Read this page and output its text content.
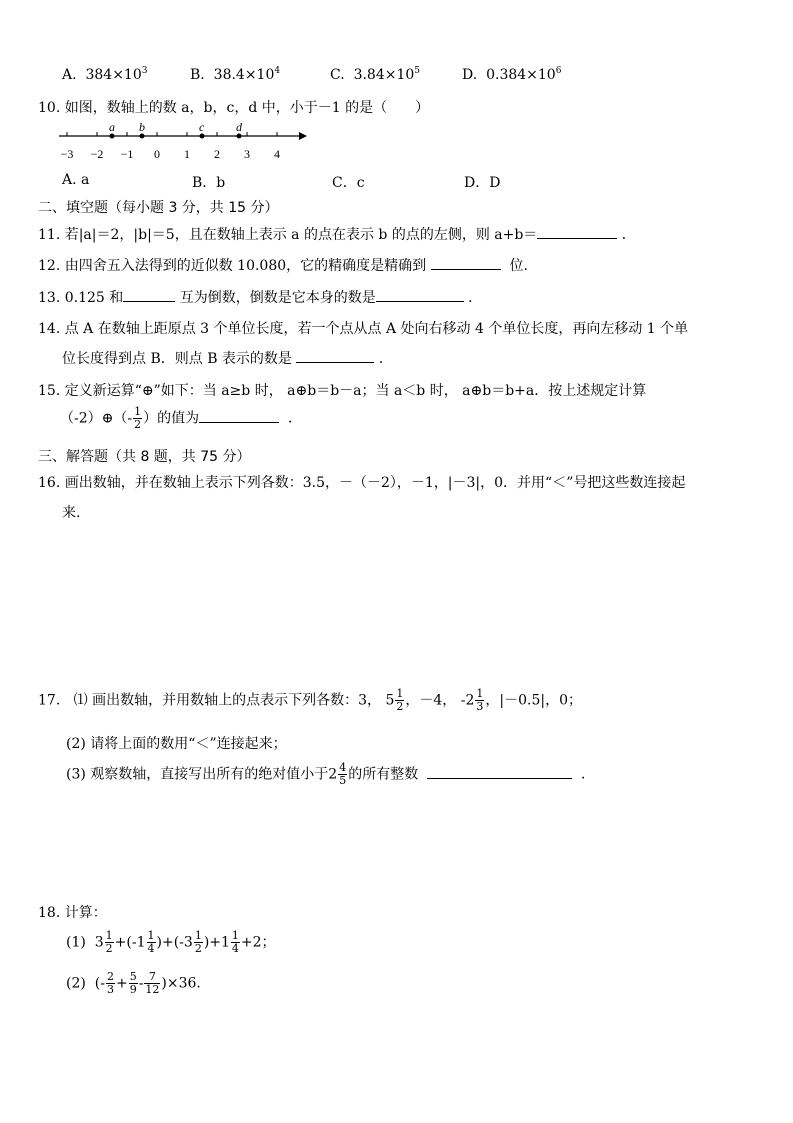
A. $384\times 10^3$	B. $38.4\times 10^4$	C. $3.84\times 10^5$	D. $0.384\times 10^6$
10. 如图，数轴上的数 a，b，c，d 中，小于－1 的是（　　）
a b	c	d
−3 −2 −1 0 1 2 3 4
A. a	B．b	C．c	D．D
二、填空题（每小题 3 分，共 15 分）
11. 若|a|＝2，|b|＝5，且在数轴上表示 a 的点在表示 b 的点的左侧，则 a+b＝	．
12. 由四舍五入法得到的近似数 10.080，它的精确度是精确到	位.
13. 0.125 和	互为倒数，倒数是它本身的数是	．
14. 点 A 在数轴上距原点 3 个单位长度，若一个点从点 A 处向右移动 4 个单位长度，再向左移动 1 个单
位长度得到点 B．则点 B 表示的数是	．
15. 定义新运算“⊕”如下：当 a≥b 时， a⊕b＝b－a；当 a＜b 时， a⊕b＝b+a．按上述规定计算
（-2）⊕（- $\frac{1}{2}$ ）的值为	．
三、解答题（共 8 题，共 75 分）
16. 画出数轴，并在数轴上表示下列各数：3.5，－（－2），－1，|－3|，0．并用“＜”号把这些数连接起
来.
17. ⑴ 画出数轴，并用数轴上的点表示下列各数：3， $5 \frac{1}{2}$ ，－4， $-2 \frac{1}{3}$ ，|－0.5|，0；
(2) 请将上面的数用“＜”连接起来；
(3) 观察数轴，直接写出所有的绝对值小于$2 \frac{4}{5}$ 的所有整数	．
18. 计算：
(1) $3 \frac{1}{2} +(-1 \frac{1}{4} )+(-3 \frac{1}{2} )+1 \frac{1}{4} +2$；
(2) (- $\frac{2}{3} + \frac{5}{9} - \frac{7}{12} )\times 36$.
